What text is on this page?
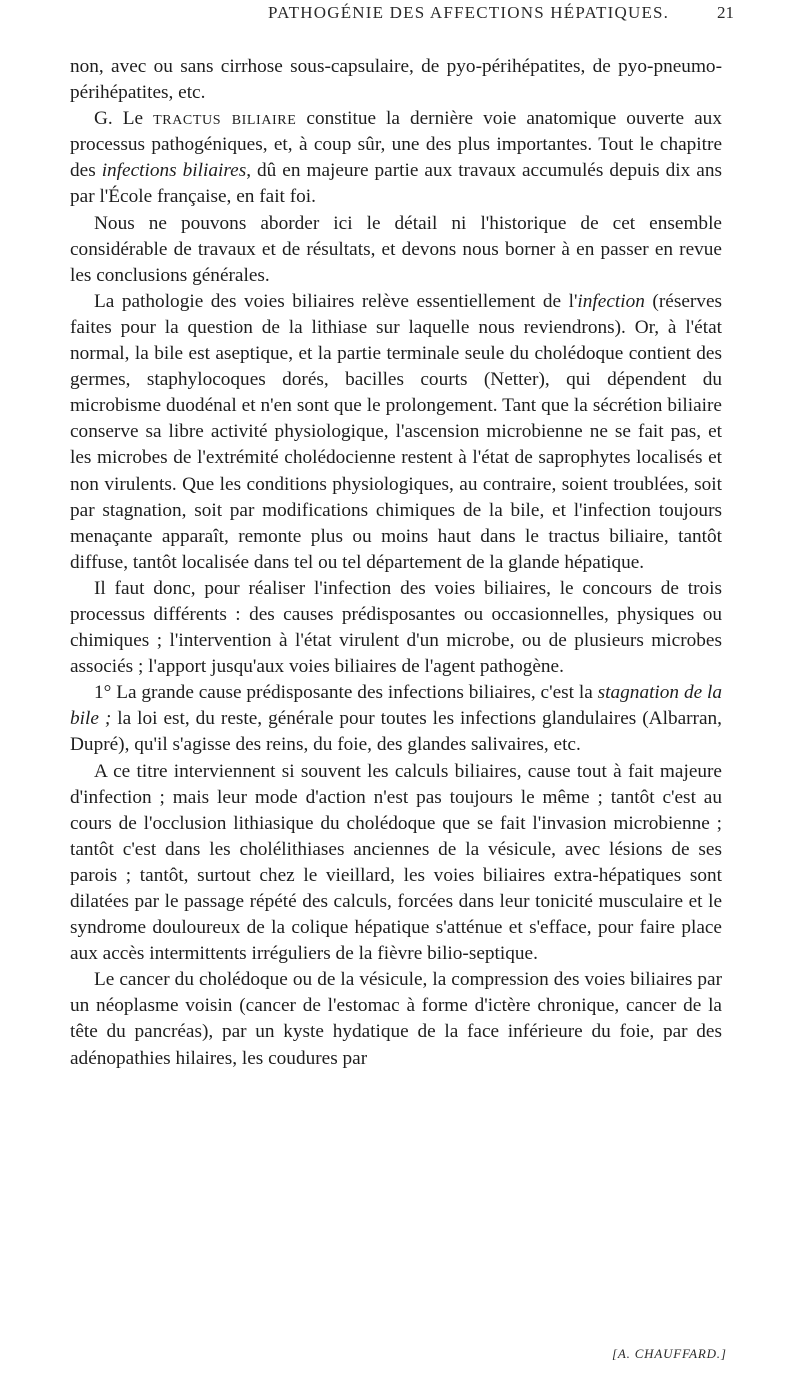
PATHOGÉNIE DES AFFECTIONS HÉPATIQUES.	21

non, avec ou sans cirrhose sous-capsulaire, de pyo-périhépatites, de pyo-pneumo-périhépatites, etc.

G. Le tractus biliaire constitue la dernière voie anatomique ouverte aux processus pathogéniques, et, à coup sûr, une des plus importantes. Tout le chapitre des infections biliaires, dû en majeure partie aux travaux accumulés depuis dix ans par l'École française, en fait foi.

Nous ne pouvons aborder ici le détail ni l'historique de cet ensemble considérable de travaux et de résultats, et devons nous borner à en passer en revue les conclusions générales.

La pathologie des voies biliaires relève essentiellement de l'infection (réserves faites pour la question de la lithiase sur laquelle nous reviendrons). Or, à l'état normal, la bile est aseptique, et la partie terminale seule du cholédoque contient des germes, staphylocoques dorés, bacilles courts (Netter), qui dépendent du microbisme duodénal et n'en sont que le prolongement. Tant que la sécrétion biliaire conserve sa libre activité physiologique, l'ascension microbienne ne se fait pas, et les microbes de l'extrémité cholédocienne restent à l'état de saprophytes localisés et non virulents. Que les conditions physiologiques, au contraire, soient troublées, soit par stagnation, soit par modifications chimiques de la bile, et l'infection toujours menaçante apparaît, remonte plus ou moins haut dans le tractus biliaire, tantôt diffuse, tantôt localisée dans tel ou tel département de la glande hépatique.

Il faut donc, pour réaliser l'infection des voies biliaires, le concours de trois processus différents : des causes prédisposantes ou occasionnelles, physiques ou chimiques ; l'intervention à l'état virulent d'un microbe, ou de plusieurs microbes associés ; l'apport jusqu'aux voies biliaires de l'agent pathogène.

1° La grande cause prédisposante des infections biliaires, c'est la stagnation de la bile ; la loi est, du reste, générale pour toutes les infections glandulaires (Albarran, Dupré), qu'il s'agisse des reins, du foie, des glandes salivaires, etc.

A ce titre interviennent si souvent les calculs biliaires, cause tout à fait majeure d'infection ; mais leur mode d'action n'est pas toujours le même ; tantôt c'est au cours de l'occlusion lithiasique du cholédoque que se fait l'invasion microbienne ; tantôt c'est dans les cholélithiases anciennes de la vésicule, avec lésions de ses parois ; tantôt, surtout chez le vieillard, les voies biliaires extra-hépatiques sont dilatées par le passage répété des calculs, forcées dans leur tonicité musculaire et le syndrome douloureux de la colique hépatique s'atténue et s'efface, pour faire place aux accès intermittents irréguliers de la fièvre bilio-septique.

Le cancer du cholédoque ou de la vésicule, la compression des voies biliaires par un néoplasme voisin (cancer de l'estomac à forme d'ictère chronique, cancer de la tête du pancréas), par un kyste hydatique de la face inférieure du foie, par des adénopathies hilaires, les coudures par

[A. CHAUFFARD.]
